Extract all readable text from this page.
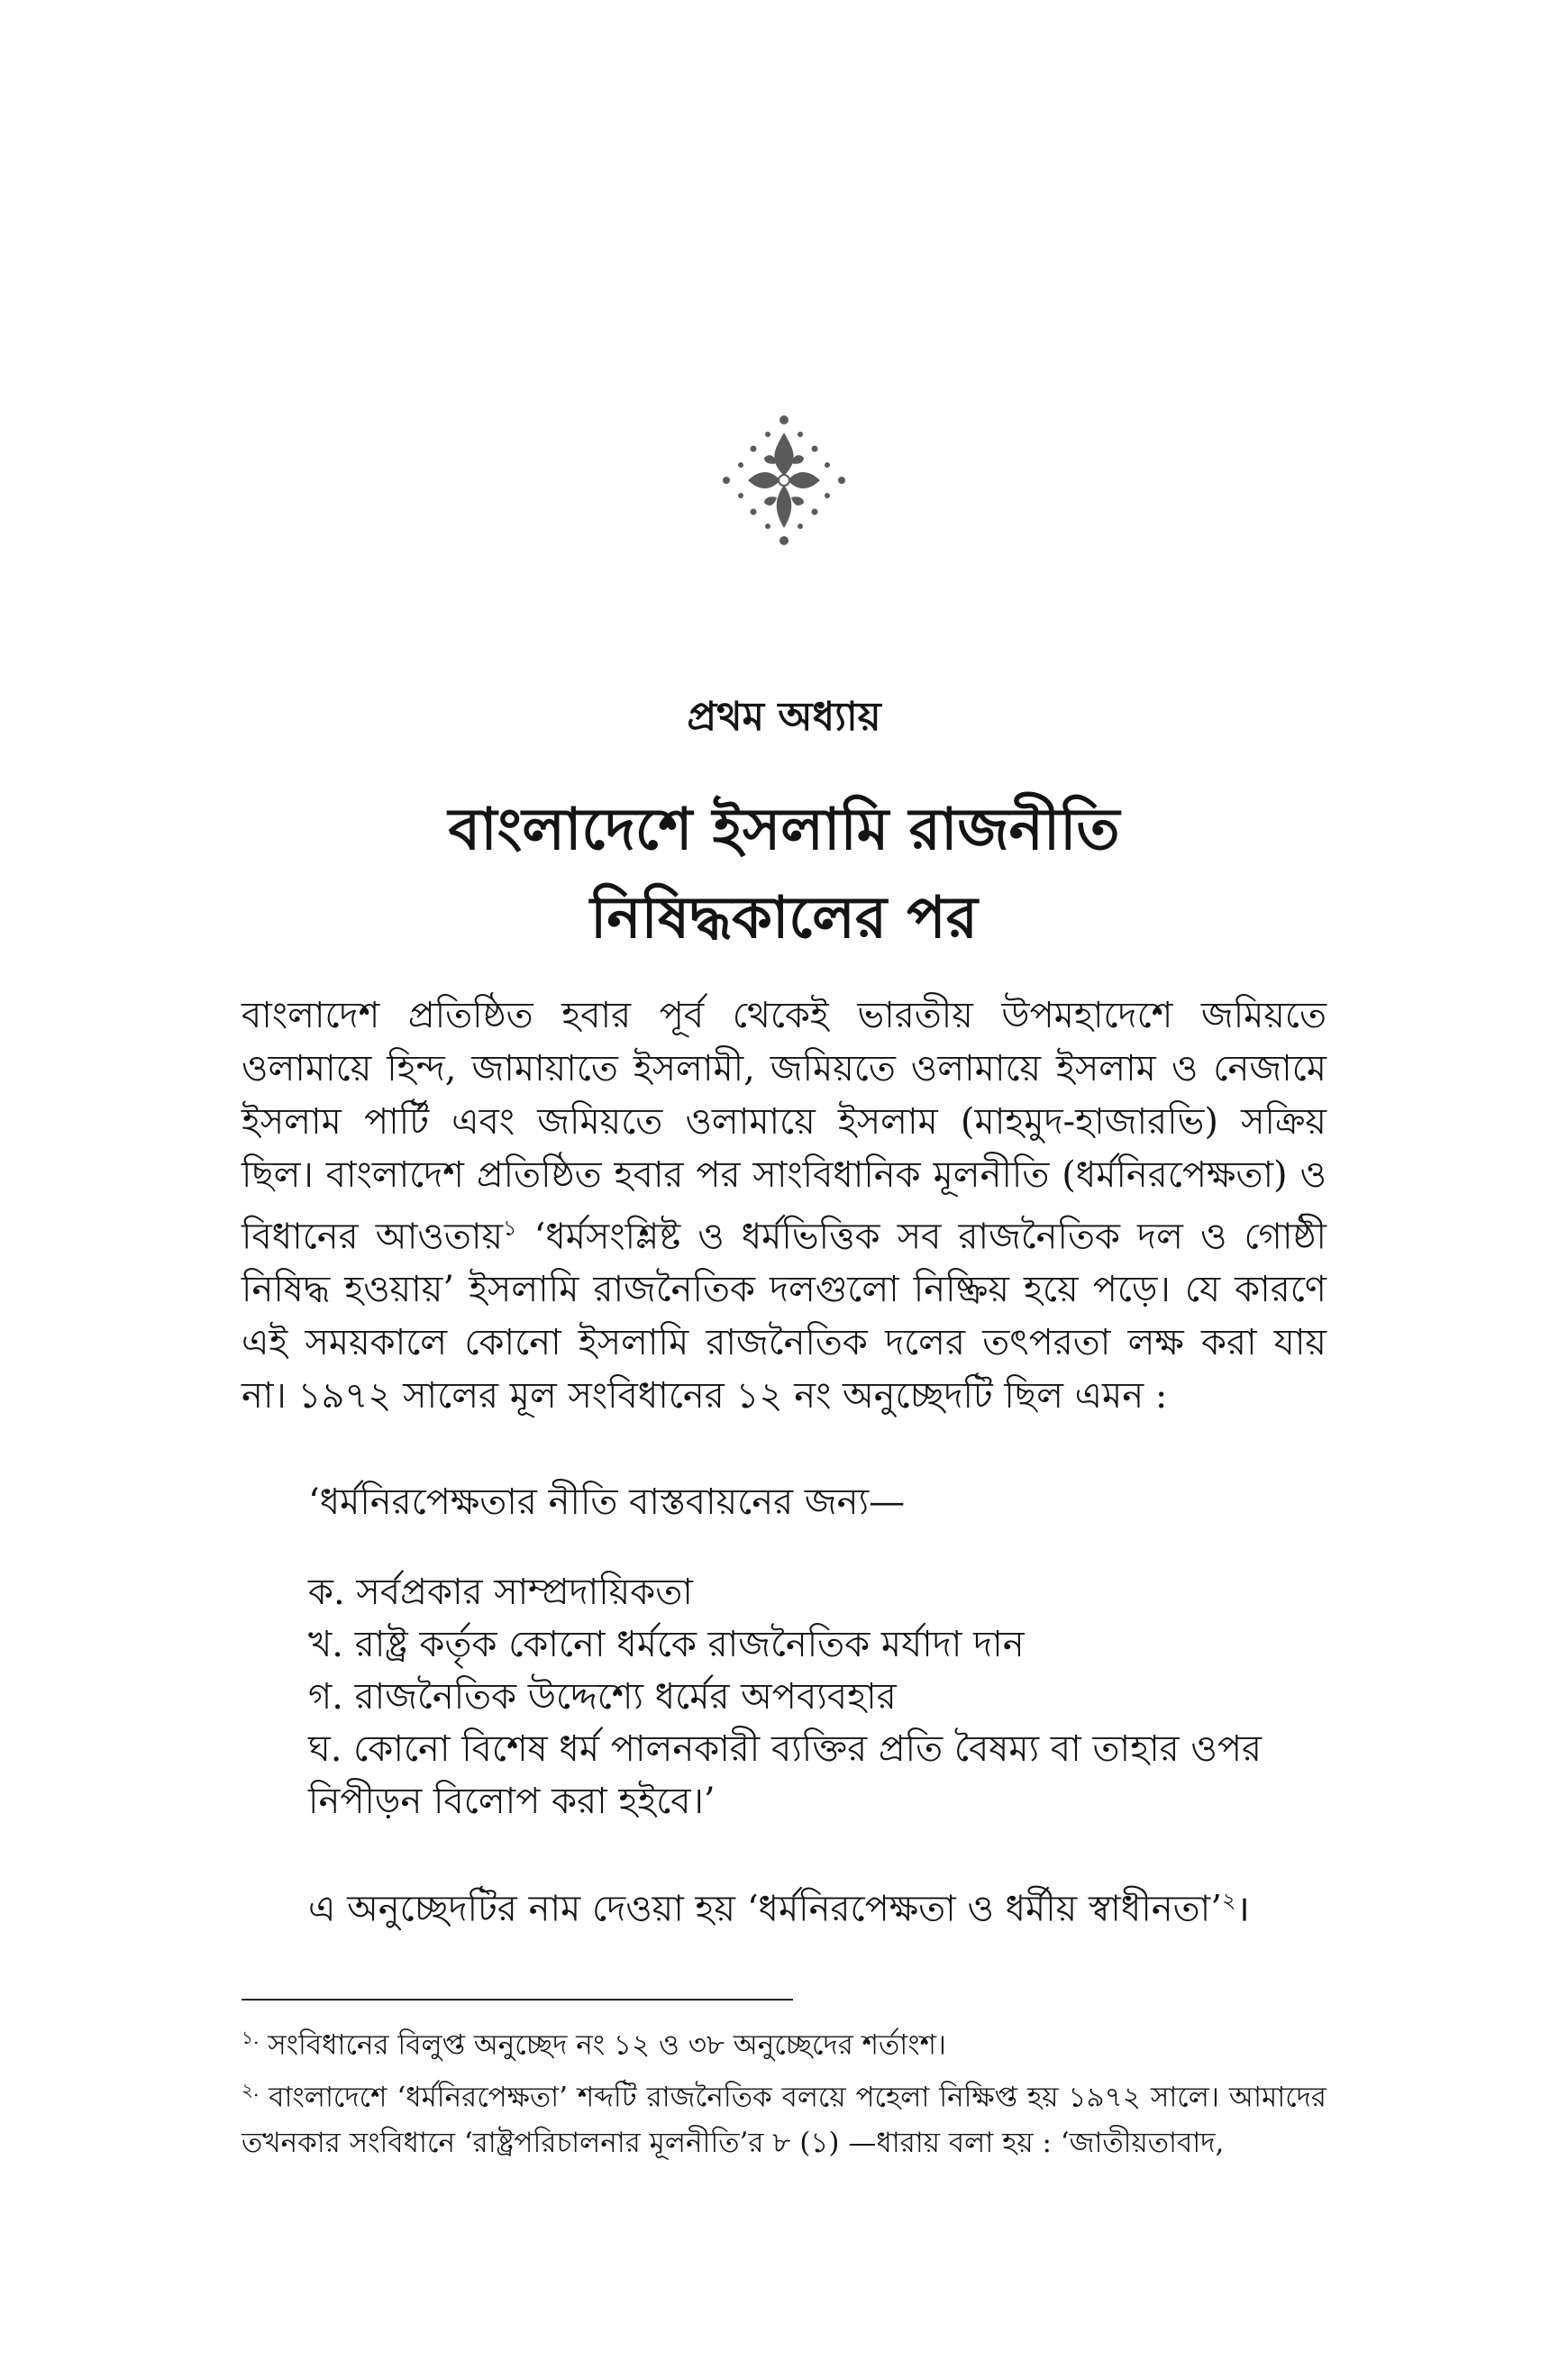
প্রথম অধ্যায়
বাংলাদেশে ইসলামি রাজনীতি
নিষিদ্ধকালের পর
বাংলাদেশ প্রতিষ্ঠিত হবার পূর্ব থেকেই ভারতীয় উপমহাদেশে জমিয়তে ওলামায়ে হিন্দ, জামায়াতে ইসলামী, জমিয়তে ওলামায়ে ইসলাম ও নেজামে ইসলাম পার্টি এবং জমিয়তে ওলামায়ে ইসলাম (মাহমুদ-হাজারভি) সক্রিয় ছিল। বাংলাদেশ প্রতিষ্ঠিত হবার পর সাংবিধানিক মূলনীতি (ধর্মনিরপেক্ষতা) ও বিধানের আওতায়$^১$ ‘ধর্মসংশ্লিষ্ট ও ধর্মভিত্তিক সব রাজনৈতিক দল ও গোষ্ঠী নিষিদ্ধ হওয়ায়’ ইসলামি রাজনৈতিক দলগুলো নিষ্ক্রিয় হয়ে পড়ে। যে কারণে এই সময়কালে কোনো ইসলামি রাজনৈতিক দলের তৎপরতা লক্ষ করা যায় না। ১৯৭২ সালের মূল সংবিধানের ১২ নং অনুচ্ছেদটি ছিল এমন :
‘ধর্মনিরপেক্ষতার নীতি বাস্তবায়নের জন্য—
ক. সর্বপ্রকার সাম্প্রদায়িকতা
খ. রাষ্ট্র কর্তৃক কোনো ধর্মকে রাজনৈতিক মর্যাদা দান
গ. রাজনৈতিক উদ্দেশ্যে ধর্মের অপব্যবহার
ঘ. কোনো বিশেষ ধর্ম পালনকারী ব্যক্তির প্রতি বৈষম্য বা তাহার ওপর নিপীড়ন বিলোপ করা হইবে।’
এ অনুচ্ছেদটির নাম দেওয়া হয় ‘ধর্মনিরপেক্ষতা ও ধর্মীয় স্বাধীনতা’$^২$।

$^{১.}$ সংবিধানের বিলুপ্ত অনুচ্ছেদ নং ১২ ও ৩৮ অনুচ্ছেদের শর্তাংশ।

$^{২.}$ বাংলাদেশে ‘ধর্মনিরপেক্ষতা’ শব্দটি রাজনৈতিক বলয়ে পহেলা নিক্ষিপ্ত হয় ১৯৭২ সালে। আমাদের তখনকার সংবিধানে ‘রাষ্ট্রপরিচালনার মূলনীতি’র ৮ (১) —ধারায় বলা হয় : ‘জাতীয়তাবাদ,
